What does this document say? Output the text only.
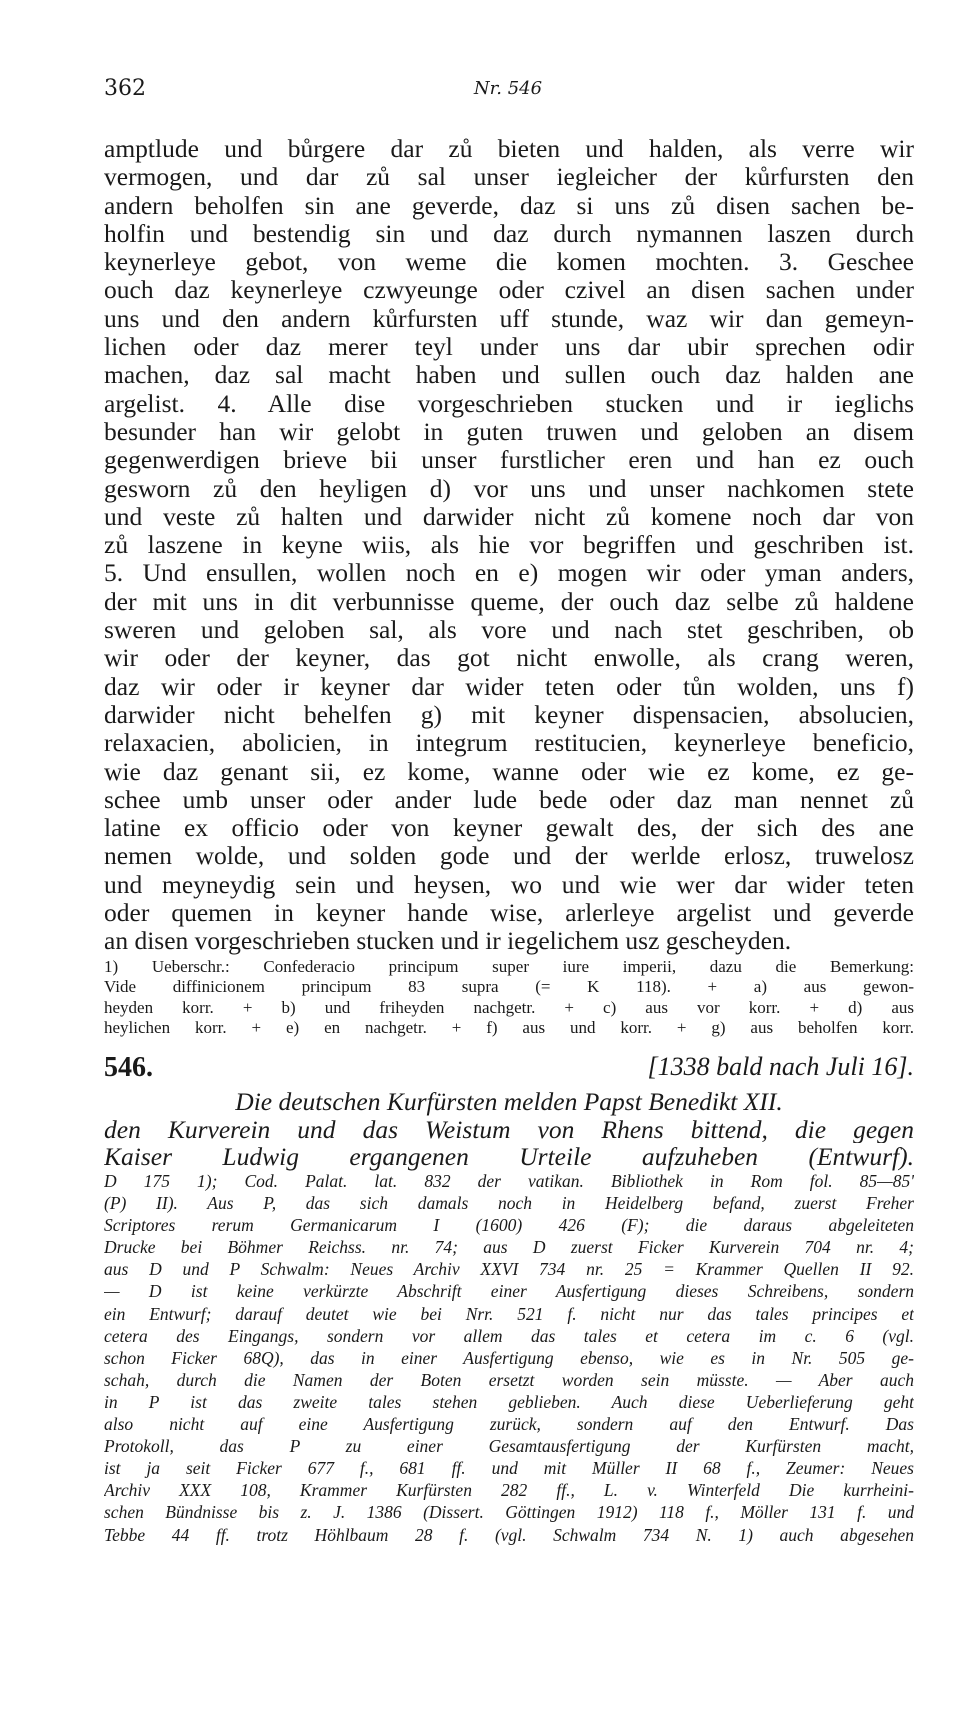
362	Nr. 546
amptlude und bůrgere dar zů bieten und halden, als verre wir
vermogen, und dar zů sal unser iegleicher der kůrfursten den
andern beholfen sin ane geverde, daz si uns zů disen sachen be-
holfin und bestendig sin und daz durch nymannen laszen durch
keynerleye gebot, von weme die komen mochten. 3. Geschee
ouch daz keynerleye czwyeunge oder czivel an disen sachen under
uns und den andern kůrfursten uff stunde, waz wir dan gemeyn-
lichen oder daz merer teyl under uns dar ubir sprechen odir
machen, daz sal macht haben und sullen ouch daz halden ane
argelist. 4. Alle dise vorgeschrieben stucken und ir ieglichs
besunder han wir gelobt in guten truwen und geloben an disem
gegenwerdigen brieve bii unser furstlicher eren und han ez ouch
gesworn zů den heyligen d) vor uns und unser nachkomen stete
und veste zů halten und darwider nicht zů komene noch dar von
zů laszene in keyne wiis, als hie vor begriffen und geschriben ist.
5. Und ensullen, wollen noch en e) mogen wir oder yman anders,
der mit uns in dit verbunnisse queme, der ouch daz selbe zů haldene
sweren und geloben sal, als vore und nach stet geschriben, ob
wir oder der keyner, das got nicht enwolle, als crang weren,
daz wir oder ir keyner dar wider teten oder tůn wolden, uns f)
darwider nicht behelfen g) mit keyner dispensacien, absolucien,
relaxacien, abolicien, in integrum restitucien, keynerleye beneficio,
wie daz genant sii, ez kome, wanne oder wie ez kome, ez ge-
schee umb unser oder ander lude bede oder daz man nennet zů
latine ex officio oder von keyner gewalt des, der sich des ane
nemen wolde, und solden gode und der werlde erlosz, truwelosz
und meyneydig sein und heysen, wo und wie wer dar wider teten
oder quemen in keyner hande wise, arlerleye argelist und geverde
an disen vorgeschrieben stucken und ir iegelichem usz gescheyden.
1) Ueberschr.: Confederacio principum super iure imperii, dazu die Bemerkung:
Vide diffinicionem principum 83 supra (= K 118). + a) aus gewon-
heyden korr. + b) und friheyden nachgetr. + c) aus vor korr. + d) aus
heylichen korr. + e) en nachgetr. + f) aus und korr. + g) aus beholfen korr.
546.	[1338 bald nach Juli 16].
Die deutschen Kurfürsten melden Papst Benedikt XII.
den Kurverein und das Weistum von Rhens bittend, die gegen
Kaiser Ludwig ergangenen Urteile aufzuheben (Entwurf).
D 175 1); Cod. Palat. lat. 832 der vatikan. Bibliothek in Rom fol. 85—85'
(P) II). Aus P, das sich damals noch in Heidelberg befand, zuerst Freher
Scriptores rerum Germanicarum I (1600) 426 (F); die daraus abgeleiteten
Drucke bei Böhmer Reichss. nr. 74; aus D zuerst Ficker Kurverein 704 nr. 4;
aus D und P Schwalm: Neues Archiv XXVI 734 nr. 25 = Krammer Quellen II 92.
— D ist keine verkürzte Abschrift einer Ausfertigung dieses Schreibens, sondern
ein Entwurf; darauf deutet wie bei Nrr. 521 f. nicht nur das tales principes et
cetera des Eingangs, sondern vor allem das tales et cetera im c. 6 (vgl.
schon Ficker 68Q), das in einer Ausfertigung ebenso, wie es in Nr. 505 ge-
schah, durch die Namen der Boten ersetzt worden sein müsste. — Aber auch
in P ist das zweite tales stehen geblieben. Auch diese Ueberlieferung geht
also nicht auf eine Ausfertigung zurück, sondern auf den Entwurf. Das
Protokoll, das P zu einer Gesamtausfertigung der Kurfürsten macht,
ist ja seit Ficker 677 f., 681 ff. und mit Müller II 68 f., Zeumer: Neues
Archiv XXX 108, Krammer Kurfürsten 282 ff., L. v. Winterfeld Die kurrheini-
schen Bündnisse bis z. J. 1386 (Dissert. Göttingen 1912) 118 f., Möller 131 f. und
Tebbe 44 ff. trotz Höhlbaum 28 f. (vgl. Schwalm 734 N. 1) auch abgesehen
